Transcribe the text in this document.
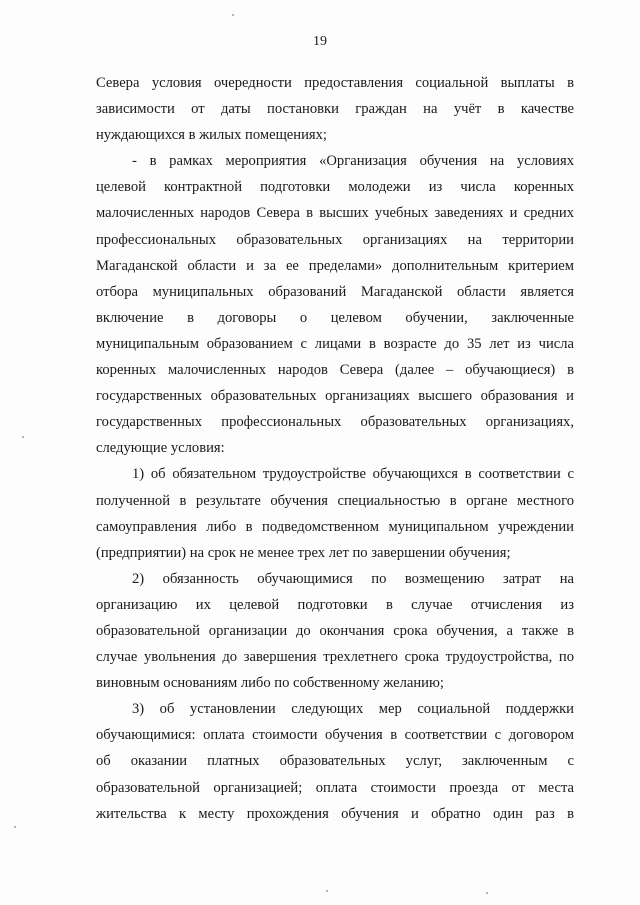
19
Севера условия очередности предоставления социальной выплаты в
зависимости от даты постановки граждан на учёт в качестве
нуждающихся в жилых помещениях;
- в рамках мероприятия «Организация обучения на условиях
целевой контрактной подготовки молодежи из числа коренных
малочисленных народов Севера в высших учебных заведениях и средних
профессиональных образовательных организациях на территории
Магаданской области и за ее пределами» дополнительным критерием
отбора муниципальных образований Магаданской области является
включение в договоры о целевом обучении, заключенные
муниципальным образованием с лицами в возрасте до 35 лет из числа
коренных малочисленных народов Севера (далее – обучающиеся) в
государственных образовательных организациях высшего образования и
государственных профессиональных образовательных организациях,
следующие условия:
1) об обязательном трудоустройстве обучающихся в соответствии с
полученной в результате обучения специальностью в органе местного
самоуправления либо в подведомственном муниципальном учреждении
(предприятии) на срок не менее трех лет по завершении обучения;
2) обязанность обучающимися по возмещению затрат на
организацию их целевой подготовки в случае отчисления из
образовательной организации до окончания срока обучения, а также в
случае увольнения до завершения трехлетнего срока трудоустройства, по
виновным основаниям либо по собственному желанию;
3) об установлении следующих мер социальной поддержки
обучающимися: оплата стоимости обучения в соответствии с договором
об оказании платных образовательных услуг, заключенным с
образовательной организацией; оплата стоимости проезда от места
жительства к месту прохождения обучения и обратно один раз в
